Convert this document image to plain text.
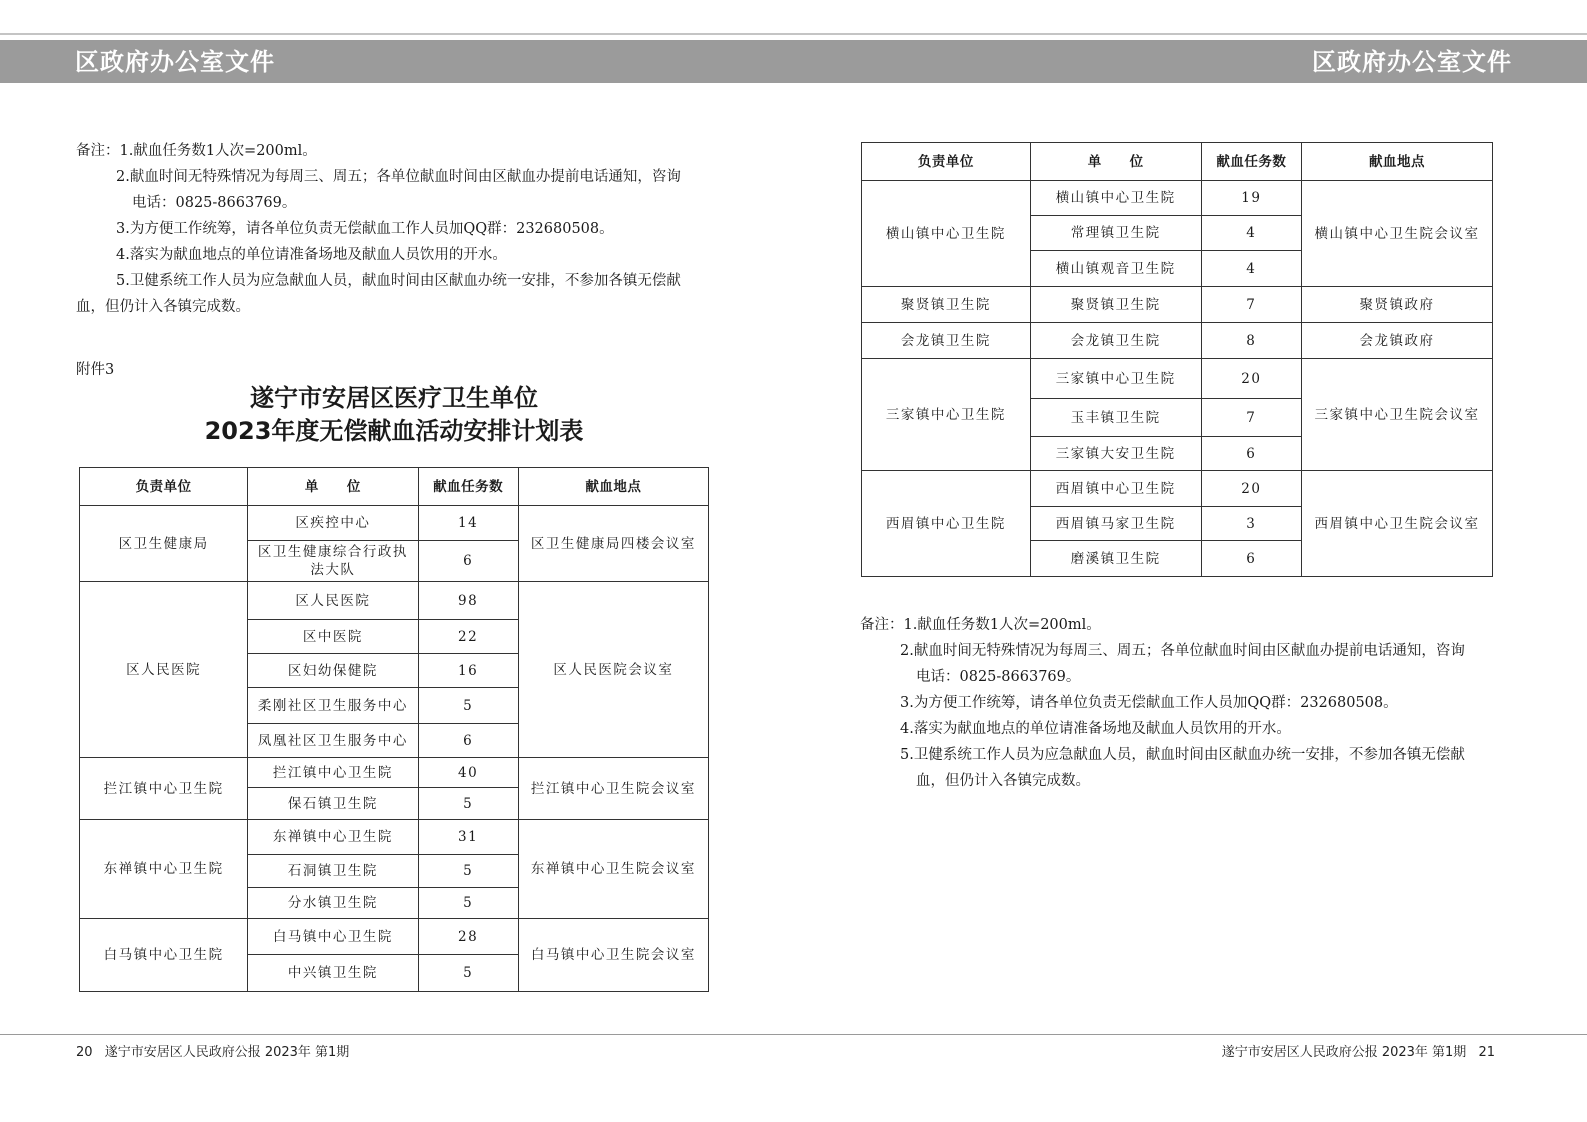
区政府办公室文件
备注：1.献血任务数1人次=200ml。
2.献血时间无特殊情况为每周三、周五；各单位献血时间由区献血办提前电话通知，咨询
电话：0825-8663769。
3.为方便工作统筹，请各单位负责无偿献血工作人员加QQ群：232680508。
4.落实为献血地点的单位请准备场地及献血人员饮用的开水。
5.卫健系统工作人员为应急献血人员，献血时间由区献血办统一安排，不参加各镇无偿献
血，但仍计入各镇完成数。
附件3
遂宁市安居区医疗卫生单位
2023年度无偿献血活动安排计划表
负责单位	单　　位	献血任务数	献血地点
区卫生健康局	区疾控中心	14	区卫生健康局四楼会议室
	区卫生健康综合行政执法大队	6	
区人民医院	区人民医院	98	区人民医院会议室
	区中医院	22	
	区妇幼保健院	16	
	柔刚社区卫生服务中心	5	
	凤凰社区卫生服务中心	6	
拦江镇中心卫生院	拦江镇中心卫生院	40	拦江镇中心卫生院会议室
	保石镇卫生院	5	
东禅镇中心卫生院	东禅镇中心卫生院	31	东禅镇中心卫生院会议室
	石洞镇卫生院	5	
	分水镇卫生院	5	
白马镇中心卫生院	白马镇中心卫生院	28	白马镇中心卫生院会议室
	中兴镇卫生院	5	
20 遂宁市安居区人民政府公报 2023年 第1期
区政府办公室文件
负责单位	单　　位	献血任务数	献血地点
横山镇中心卫生院	横山镇中心卫生院	19	横山镇中心卫生院会议室
	常理镇卫生院	4	
	横山镇观音卫生院	4	
聚贤镇卫生院	聚贤镇卫生院	7	聚贤镇政府
会龙镇卫生院	会龙镇卫生院	8	会龙镇政府
三家镇中心卫生院	三家镇中心卫生院	20	三家镇中心卫生院会议室
	玉丰镇卫生院	7	
	三家镇大安卫生院	6	
西眉镇中心卫生院	西眉镇中心卫生院	20	西眉镇中心卫生院会议室
	西眉镇马家卫生院	3	
	磨溪镇卫生院	6	
备注：1.献血任务数1人次=200ml。
2.献血时间无特殊情况为每周三、周五；各单位献血时间由区献血办提前电话通知，咨询
电话：0825-8663769。
3.为方便工作统筹，请各单位负责无偿献血工作人员加QQ群：232680508。
4.落实为献血地点的单位请准备场地及献血人员饮用的开水。
5.卫健系统工作人员为应急献血人员，献血时间由区献血办统一安排，不参加各镇无偿献
血，但仍计入各镇完成数。
遂宁市安居区人民政府公报 2023年 第1期 21
